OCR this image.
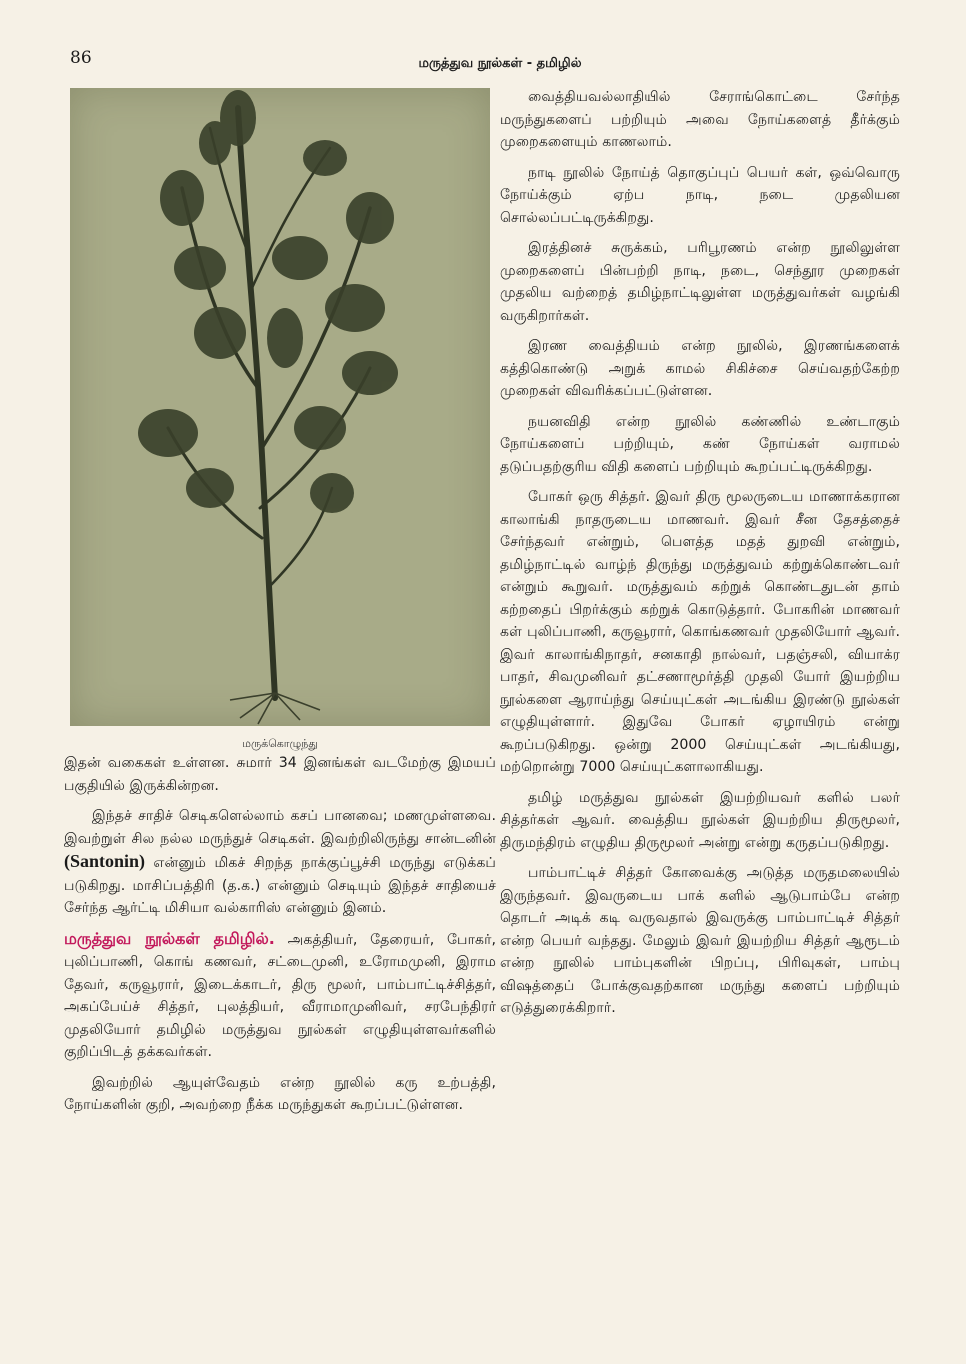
86	மருத்துவ நூல்கள் - தமிழில்
மருக்கொழுந்து

இதன் வகைகள் உள்ளன. சுமார் 34 இனங்கள் வடமேற்கு இமயப் பகுதியில் இருக்கின்றன.

இந்தச் சாதிச் செடிகளெல்லாம் கசப் பானவை; மணமுள்ளவை. இவற்றுள் சில நல்ல மருந்துச் செடிகள். இவற்றிலிருந்து சான்டனின் (Santonin) என்னும் மிகச் சிறந்த நாக்குப்பூச்சி மருந்து எடுக்கப் படுகிறது. மாசிப்பத்திரி (த.க.) என்னும் செடியும் இந்தச் சாதியைச் சேர்ந்த ஆர்ட்டி மிசியா வல்காரிஸ் என்னும் இனம்.

மருத்துவ நூல்கள் தமிழில். அகத்தியர், தேரையர், போகர், புலிப்பாணி, கொங் கணவர், சட்டைமுனி, உரோமமுனி, இராம தேவர், கருவூரார், இடைக்காடர், திரு மூலர், பாம்பாட்டிச்சித்தர், அகப்பேய்ச் சித்தர், புலத்தியர், வீராமாமுனிவர், சரபேந்திரர் முதலியோர் தமிழில் மருத்துவ நூல்கள் எழுதியுள்ளவர்களில் குறிப்பிடத் தக்கவர்கள்.

இவற்றில் ஆயுள்வேதம் என்ற நூலில் கரு உற்பத்தி, நோய்களின் குறி, அவற்றை நீக்க மருந்துகள் கூறப்பட்டுள்ளன.

வைத்தியவல்லாதியில் சேராங்கொட்டை சேர்ந்த மருந்துகளைப் பற்றியும் அவை நோய்களைத் தீர்க்கும் முறைகளையும் காணலாம்.

நாடி நூலில் நோய்த் தொகுப்புப் பெயர் கள், ஒவ்வொரு நோய்க்கும் ஏற்ப நாடி, நடை முதலியன சொல்லப்பட்டிருக்கிறது.

இரத்தினச் சுருக்கம், பரிபூரணம் என்ற நூலிலுள்ள முறைகளைப் பின்பற்றி நாடி, நடை, செந்தூர முறைகள் முதலிய வற்றைத் தமிழ்நாட்டிலுள்ள மருத்துவர்கள் வழங்கி வருகிறார்கள்.

இரண வைத்தியம் என்ற நூலில், இரணங்களைக் கத்திகொண்டு அறுக் காமல் சிகிச்சை செய்வதற்கேற்ற முறைகள் விவரிக்கப்பட்டுள்ளன.

நயனவிதி என்ற நூலில் கண்ணில் உண்டாகும் நோய்களைப் பற்றியும், கண் நோய்கள் வராமல் தடுப்பதற்குரிய விதி களைப் பற்றியும் கூறப்பட்டிருக்கிறது.

போகர் ஒரு சித்தர். இவர் திரு மூலருடைய மாணாக்கரான காலாங்கி நாதருடைய மாணவர். இவர் சீன தேசத்தைச் சேர்ந்தவர் என்றும், பௌத்த மதத் துறவி என்றும், தமிழ்நாட்டில் வாழ்ந் திருந்து மருத்துவம் கற்றுக்கொண்டவர் என்றும் கூறுவர். மருத்துவம் கற்றுக் கொண்டதுடன் தாம் கற்றதைப் பிறர்க்கும் கற்றுக் கொடுத்தார். போகரின் மாணவர் கள் புலிப்பாணி, கருவூரார், கொங்கணவர் முதலியோர் ஆவர். இவர் காலாங்கிநாதர், சனகாதி நால்வர், பதஞ்சலி, வியாக்ர பாதர், சிவமுனிவர் தட்சணாமூர்த்தி முதலி யோர் இயற்றிய நூல்களை ஆராய்ந்து செய்யுட்கள் அடங்கிய இரண்டு நூல்கள் எழுதியுள்ளார். இதுவே போகர் ஏழாயிரம் என்று கூறப்படுகிறது. ஒன்று 2000 செய்யுட்கள் அடங்கியது, மற்றொன்று 7000 செய்யுட்களாலாகியது.

தமிழ் மருத்துவ நூல்கள் இயற்றியவர் களில் பலர் சித்தர்கள் ஆவர். வைத்திய நூல்கள் இயற்றிய திருமூலர், திருமந்திரம் எழுதிய திருமூலர் அன்று என்று கருதப்படுகிறது.

பாம்பாட்டிச் சித்தர் கோவைக்கு அடுத்த மருதமலையில் இருந்தவர். இவருடைய பாக் களில் ஆடுபாம்பே என்ற தொடர் அடிக் கடி வருவதால் இவருக்கு பாம்பாட்டிச் சித்தர் என்ற பெயர் வந்தது. மேலும் இவர் இயற்றிய சித்தர் ஆரூடம் என்ற நூலில் பாம்புகளின் பிறப்பு, பிரிவுகள், பாம்பு விஷத்தைப் போக்குவதற்கான மருந்து களைப் பற்றியும் எடுத்துரைக்கிறார்.
